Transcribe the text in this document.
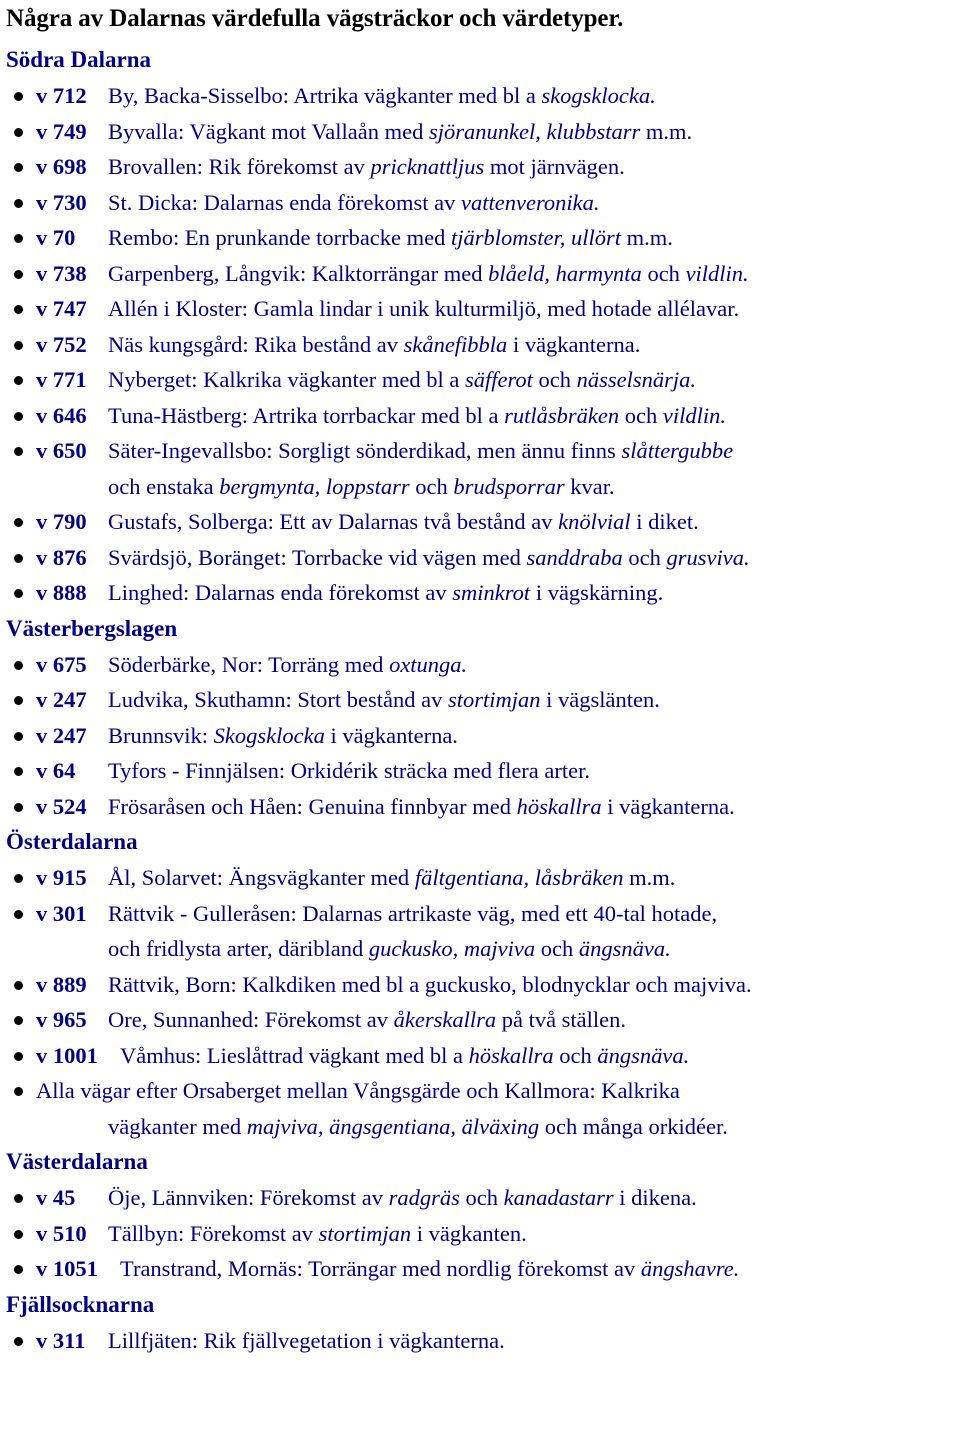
Några av Dalarnas värdefulla vägsträckor och värdetyper.
Södra Dalarna
v 712 By, Backa-Sisselbo: Artrika vägkanter med bl a skogsklocka.
v 749 Byvalla: Vägkant mot Vallaån med sjöranunkel, klubbstarr m.m.
v 698 Brovallen: Rik förekomst av pricknattljus mot järnvägen.
v 730 St. Dicka: Dalarnas enda förekomst av vattenveronika.
v 70 Rembo: En prunkande torrbacke med tjärblomster, ullört m.m.
v 738 Garpenberg, Långvik: Kalktorrängar med blåeld, harmynta och vildlin.
v 747 Allén i Kloster: Gamla lindar i unik kulturmiljö, med hotade allélavar.
v 752 Näs kungsgård: Rika bestånd av skånefibbla i vägkanterna.
v 771 Nyberget: Kalkrika vägkanter med bl a säfferot och nässelsnärja.
v 646 Tuna-Hästberg: Artrika torrbackar med bl a rutlåsbräken och vildlin.
v 650 Säter-Ingevallsbo: Sorgligt sönderdikad, men ännu finns slåttergubbe
och enstaka bergmynta, loppstarr och brudsporrar kvar.
v 790 Gustafs, Solberga: Ett av Dalarnas två bestånd av knölvial i diket.
v 876 Svärdsjö, Boränget: Torrbacke vid vägen med sanddraba och grusviva.
v 888 Linghed: Dalarnas enda förekomst av sminkrot i vägskärning.
Västerbergslagen
v 675 Söderbärke, Nor: Torräng med oxtunga.
v 247 Ludvika, Skuthamn: Stort bestånd av stortimjan i vägslänten.
v 247 Brunnsvik: Skogsklocka i vägkanterna.
v 64 Tyfors - Finnjälsen: Orkidérik sträcka med flera arter.
v 524 Frösaråsen och Håen: Genuina finnbyar med höskallra i vägkanterna.
Österdalarna
v 915 Ål, Solarvet: Ängsvägkanter med fältgentiana, låsbräken m.m.
v 301 Rättvik - Gulleråsen: Dalarnas artrikaste väg, med ett 40-tal hotade,
och fridlysta arter, däribland guckusko, majviva och ängsnäva.
v 889 Rättvik, Born: Kalkdiken med bl a guckusko, blodnycklar och majviva.
v 965 Ore, Sunnanhed: Förekomst av åkerskallra på två ställen.
v 1001 Våmhus: Lieslåttrad vägkant med bl a höskallra och ängsnäva.
Alla vägar efter Orsaberget mellan Vångsgärde och Kallmora: Kalkrika
vägkanter med majviva, ängsgentiana, älväxing och många orkidéer.
Västerdalarna
v 45 Öje, Lännviken: Förekomst av radgräs och kanadastarr i dikena.
v 510 Tällbyn: Förekomst av stortimjan i vägkanten.
v 1051 Transtrand, Mornäs: Torrängar med nordlig förekomst av ängshavre.
Fjällsocknarna
v 311 Lillfjäten: Rik fjällvegetation i vägkanterna.
